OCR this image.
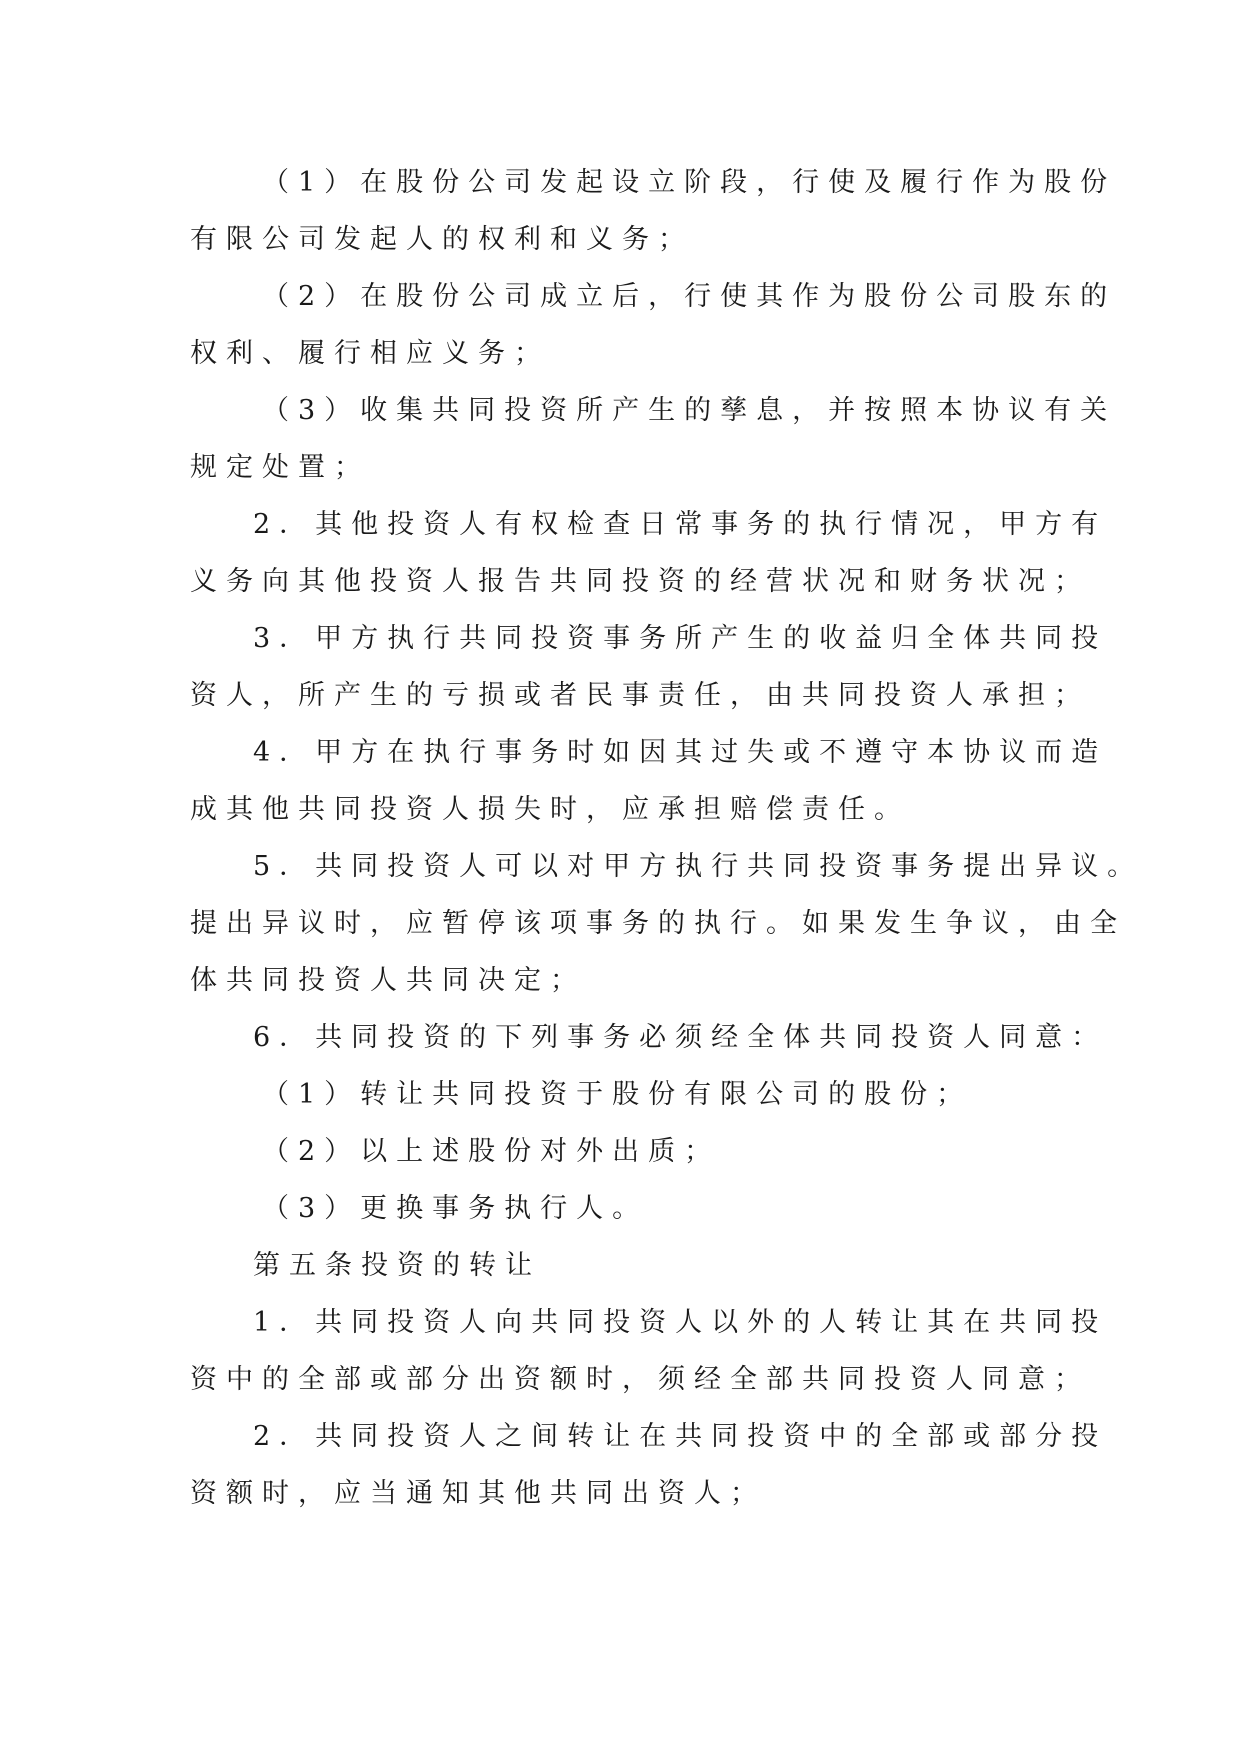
（1）在股份公司发起设立阶段，行使及履行作为股份
有限公司发起人的权利和义务；
（2）在股份公司成立后，行使其作为股份公司股东的
权利、履行相应义务；
（3）收集共同投资所产生的孳息，并按照本协议有关
规定处置；
2．其他投资人有权检查日常事务的执行情况，甲方有
义务向其他投资人报告共同投资的经营状况和财务状况；
3．甲方执行共同投资事务所产生的收益归全体共同投
资人，所产生的亏损或者民事责任，由共同投资人承担；
4．甲方在执行事务时如因其过失或不遵守本协议而造
成其他共同投资人损失时，应承担赔偿责任。
5．共同投资人可以对甲方执行共同投资事务提出异议。
提出异议时，应暂停该项事务的执行。如果发生争议，由全
体共同投资人共同决定；
6．共同投资的下列事务必须经全体共同投资人同意：
（1）转让共同投资于股份有限公司的股份；
（2）以上述股份对外出质；
（3）更换事务执行人。
第五条投资的转让
1．共同投资人向共同投资人以外的人转让其在共同投
资中的全部或部分出资额时，须经全部共同投资人同意；
2．共同投资人之间转让在共同投资中的全部或部分投
资额时，应当通知其他共同出资人；
